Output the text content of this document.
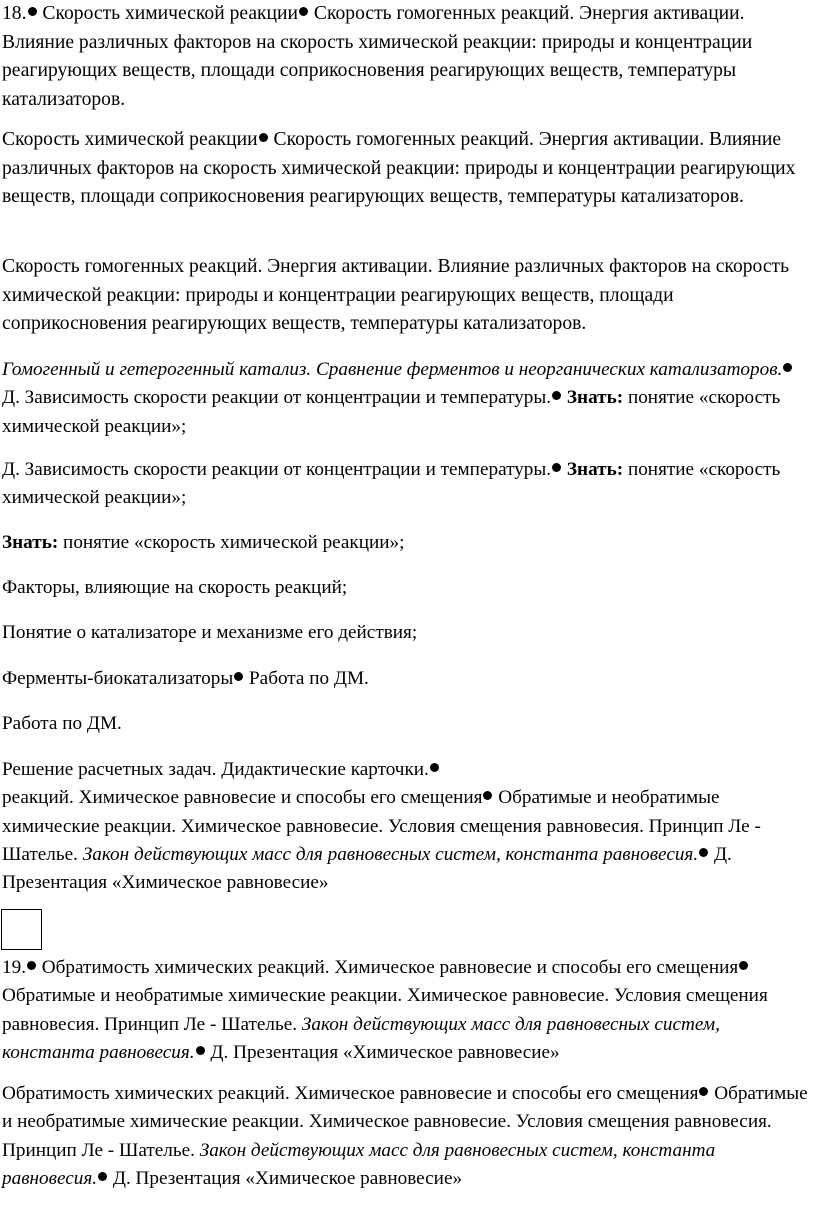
18. Скорость химической реакции Скорость гомогенных реакций. Энергия активации. Влияние различных факторов на скорость химической реакции: природы и концентрации реагирующих веществ, площади соприкосновения реагирующих веществ, температуры катализаторов.

Скорость химической реакции Скорость гомогенных реакций. Энергия активации. Влияние различных факторов на скорость химической реакции: природы и концентрации реагирующих веществ, площади соприкосновения реагирующих веществ, температуры катализаторов.

Скорость гомогенных реакций. Энергия активации. Влияние различных факторов на скорость химической реакции: природы и концентрации реагирующих веществ, площади соприкосновения реагирующих веществ, температуры катализаторов.

Гомогенный и гетерогенный катализ. Сравнение ферментов и неорганических катализаторов. Д. Зависимость скорости реакции от концентрации и температуры. Знать: понятие «скорость химической реакции»;

Д. Зависимость скорости реакции от концентрации и температуры. Знать: понятие «скорость химической реакции»;

Знать: понятие «скорость химической реакции»;

Факторы, влияющие на скорость реакций;

Понятие о катализаторе и механизме его действия;

Ферменты-биокатализаторы Работа по ДМ.

Работа по ДМ.

Решение расчетных задач. Дидактические карточки.
реакций. Химическое равновесие и способы его смещения Обратимые и необратимые химические реакции. Химическое равновесие. Условия смещения равновесия. Принцип Ле - Шателье. Закон действующих масс для равновесных систем, константа равновесия. Д. Презентация «Химическое равновесие»

19. Обратимость химических реакций. Химическое равновесие и способы его смещения Обратимые и необратимые химические реакции. Химическое равновесие. Условия смещения равновесия. Принцип Ле - Шателье. Закон действующих масс для равновесных систем, константа равновесия. Д. Презентация «Химическое равновесие»

Обратимость химических реакций. Химическое равновесие и способы его смещения Обратимые и необратимые химические реакции. Химическое равновесие. Условия смещения равновесия. Принцип Ле - Шателье. Закон действующих масс для равновесных систем, константа равновесия. Д. Презентация «Химическое равновесие»
